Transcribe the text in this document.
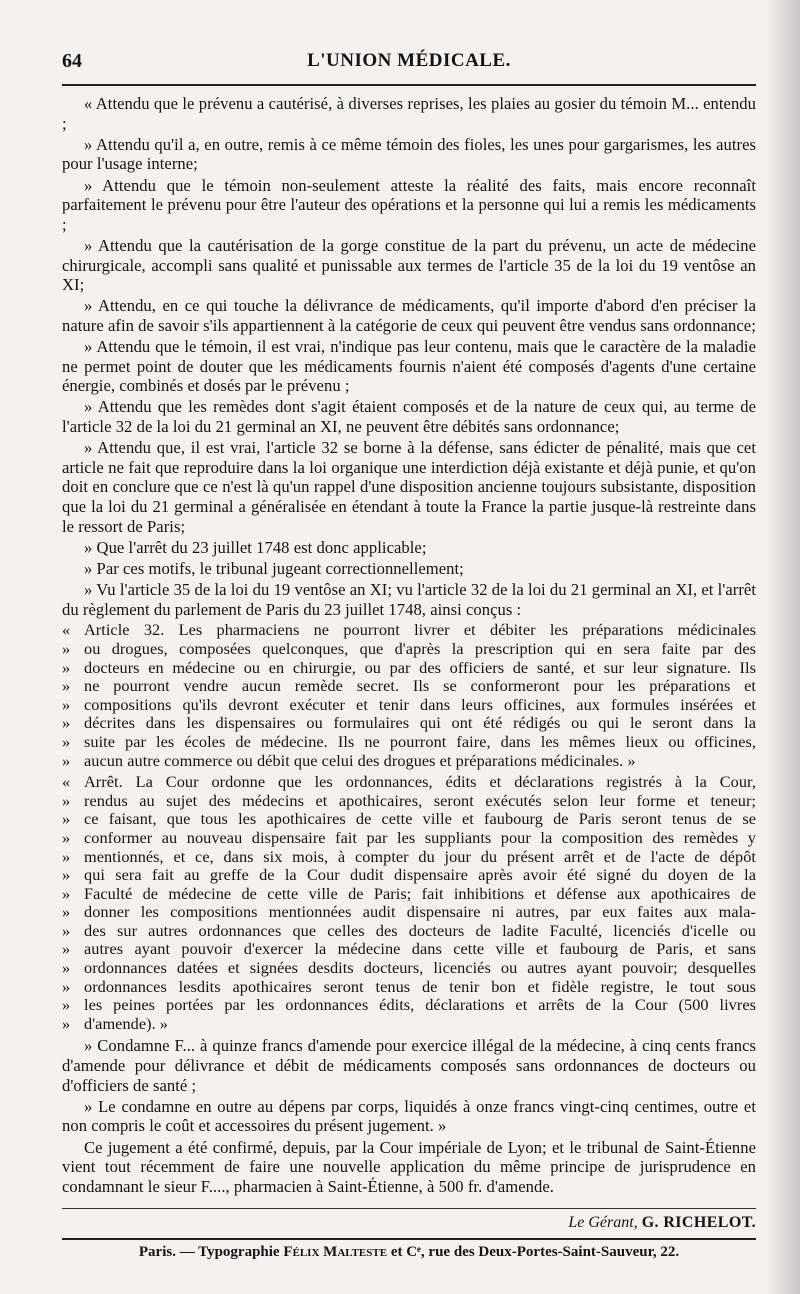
64	L'UNION MÉDICALE.

« Attendu que le prévenu a cautérisé, à diverses reprises, les plaies au gosier du témoin M... entendu ;

» Attendu qu'il a, en outre, remis à ce même témoin des fioles, les unes pour gargarismes, les autres pour l'usage interne;

» Attendu que le témoin non-seulement atteste la réalité des faits, mais encore reconnaît parfaitement le prévenu pour être l'auteur des opérations et la personne qui lui a remis les médicaments ;

» Attendu que la cautérisation de la gorge constitue de la part du prévenu, un acte de médecine chirurgicale, accompli sans qualité et punissable aux termes de l'article 35 de la loi du 19 ventôse an XI;

» Attendu, en ce qui touche la délivrance de médicaments, qu'il importe d'abord d'en préciser la nature afin de savoir s'ils appartiennent à la catégorie de ceux qui peuvent être vendus sans ordonnance;

» Attendu que le témoin, il est vrai, n'indique pas leur contenu, mais que le caractère de la maladie ne permet point de douter que les médicaments fournis n'aient été composés d'agents d'une certaine énergie, combinés et dosés par le prévenu ;

» Attendu que les remèdes dont s'agit étaient composés et de la nature de ceux qui, au terme de l'article 32 de la loi du 21 germinal an XI, ne peuvent être débités sans ordonnance;

» Attendu que, il est vrai, l'article 32 se borne à la défense, sans édicter de pénalité, mais que cet article ne fait que reproduire dans la loi organique une interdiction déjà existante et déjà punie, et qu'on doit en conclure que ce n'est là qu'un rappel d'une disposition ancienne toujours subsistante, disposition que la loi du 21 germinal a généralisée en étendant à toute la France la partie jusque-là restreinte dans le ressort de Paris;

» Que l'arrêt du 23 juillet 1748 est donc applicable;

» Par ces motifs, le tribunal jugeant correctionnellement;

» Vu l'article 35 de la loi du 19 ventôse an XI; vu l'article 32 de la loi du 21 germinal an XI, et l'arrêt du règlement du parlement de Paris du 23 juillet 1748, ainsi conçus :

« Article 32. Les pharmaciens ne pourront livrer et débiter les préparations médicinales
» ou drogues, composées quelconques, que d'après la prescription qui en sera faite par des
» docteurs en médecine ou en chirurgie, ou par des officiers de santé, et sur leur signature. Ils
» ne pourront vendre aucun remède secret. Ils se conformeront pour les préparations et
» compositions qu'ils devront exécuter et tenir dans leurs officines, aux formules insérées et
» décrites dans les dispensaires ou formulaires qui ont été rédigés ou qui le seront dans la
» suite par les écoles de médecine. Ils ne pourront faire, dans les mêmes lieux ou officines,
» aucun autre commerce ou débit que celui des drogues et préparations médicinales. »
« Arrêt. La Cour ordonne que les ordonnances, édits et déclarations registrés à la Cour,
» rendus au sujet des médecins et apothicaires, seront exécutés selon leur forme et teneur;
» ce faisant, que tous les apothicaires de cette ville et faubourg de Paris seront tenus de se
» conformer au nouveau dispensaire fait par les suppliants pour la composition des remèdes y
» mentionnés, et ce, dans six mois, à compter du jour du présent arrêt et de l'acte de dépôt
» qui sera fait au greffe de la Cour dudit dispensaire après avoir été signé du doyen de la
» Faculté de médecine de cette ville de Paris; fait inhibitions et défense aux apothicaires de
» donner les compositions mentionnées audit dispensaire ni autres, par eux faites aux mala-
» des sur autres ordonnances que celles des docteurs de ladite Faculté, licenciés d'icelle ou
» autres ayant pouvoir d'exercer la médecine dans cette ville et faubourg de Paris, et sans
» ordonnances datées et signées desdits docteurs, licenciés ou autres ayant pouvoir; desquelles
» ordonnances lesdits apothicaires seront tenus de tenir bon et fidèle registre, le tout sous
» les peines portées par les ordonnances édits, déclarations et arrêts de la Cour (500 livres
» d'amende). »

» Condamne F... à quinze francs d'amende pour exercice illégal de la médecine, à cinq cents francs d'amende pour délivrance et débit de médicaments composés sans ordonnances de docteurs ou d'officiers de santé ;

» Le condamne en outre au dépens par corps, liquidés à onze francs vingt-cinq centimes, outre et non compris le coût et accessoires du présent jugement. »

Ce jugement a été confirmé, depuis, par la Cour impériale de Lyon; et le tribunal de Saint-Étienne vient tout récemment de faire une nouvelle application du même principe de jurisprudence en condamnant le sieur F...., pharmacien à Saint-Étienne, à 500 fr. d'amende.

Le Gérant, G. RICHELOT.
Paris. — Typographie Félix Malteste et Cᵉ, rue des Deux-Portes-Saint-Sauveur, 22.
